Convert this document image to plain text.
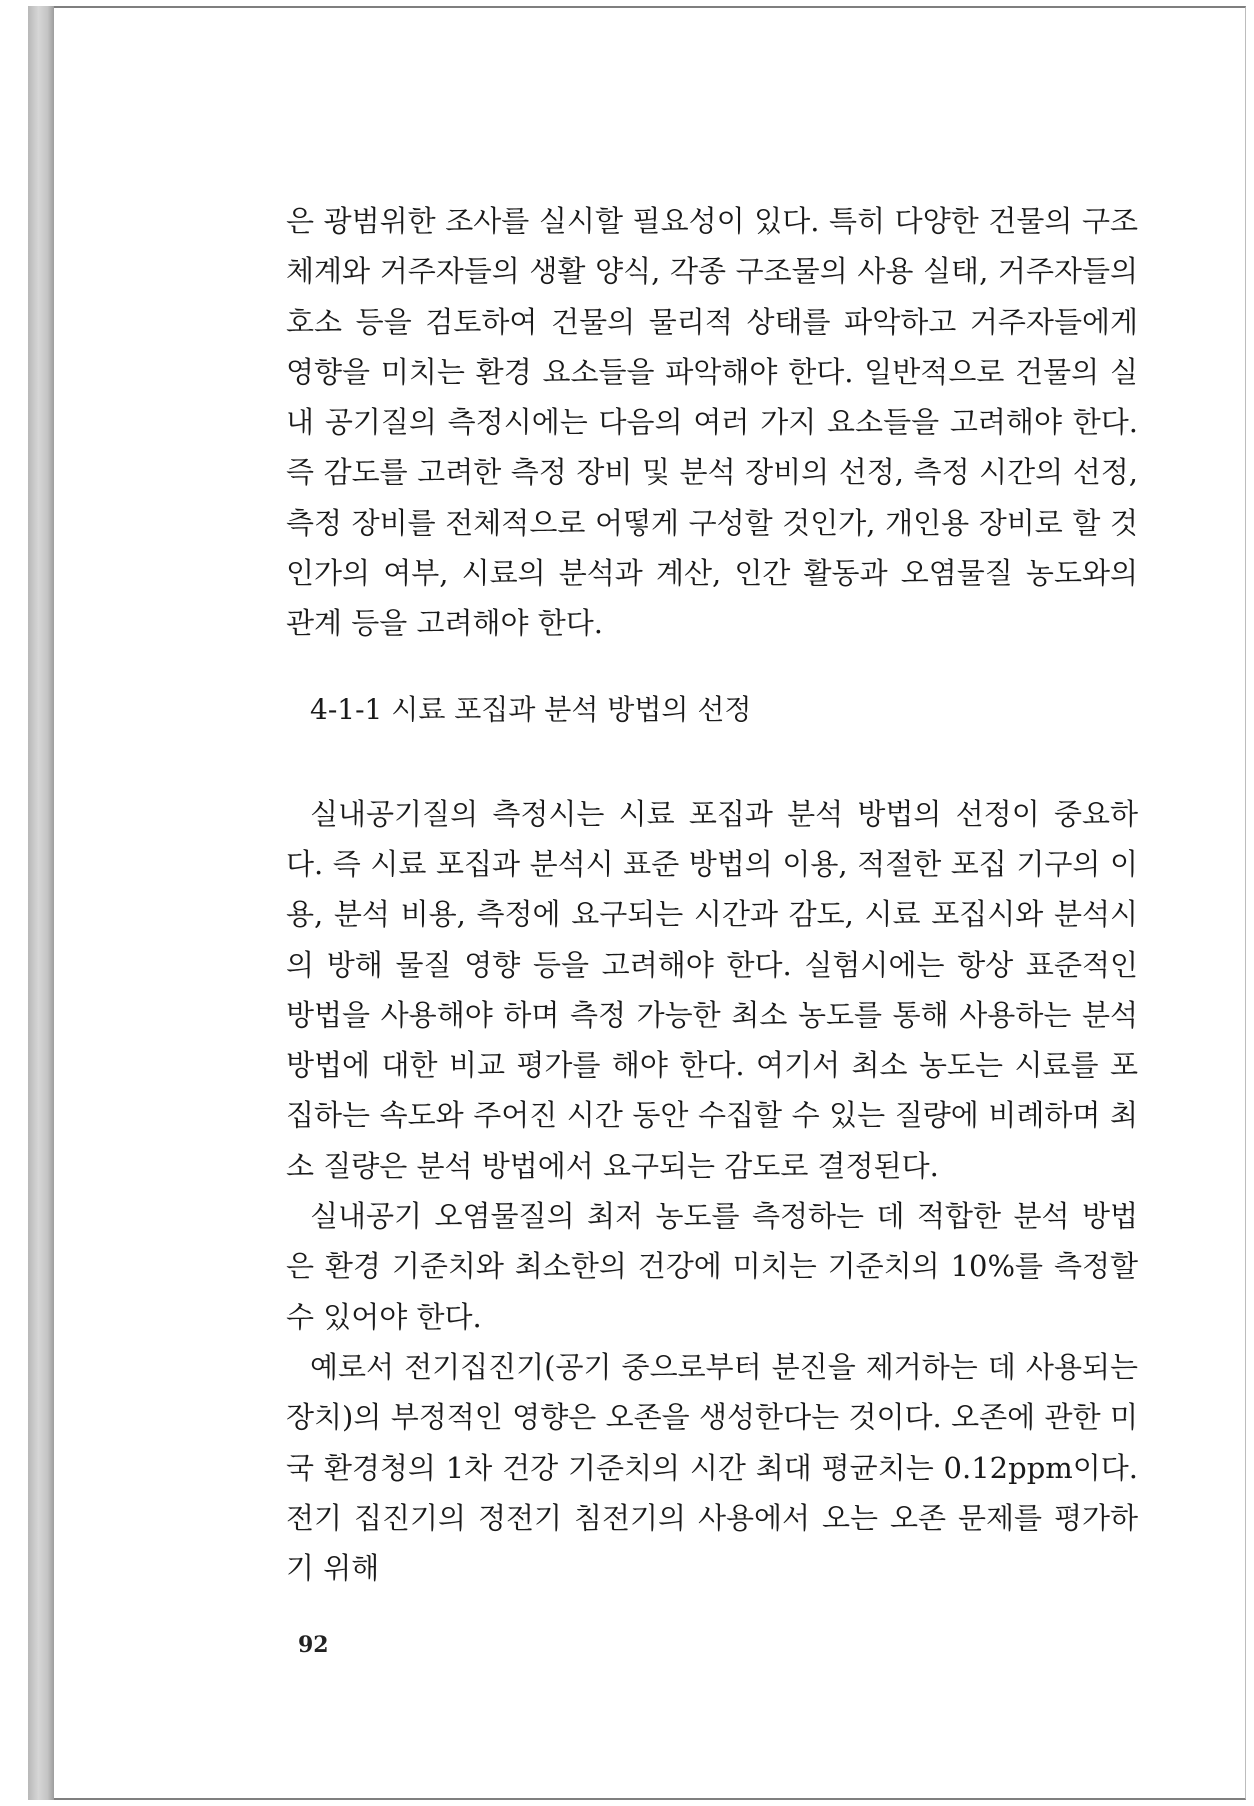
은 광범위한 조사를 실시할 필요성이 있다. 특히 다양한 건물의 구조 체계와 거주자들의 생활 양식, 각종 구조물의 사용 실태, 거주자들의 호소 등을 검토하여 건물의 물리적 상태를 파악하고 거주자들에게 영향을 미치는 환경 요소들을 파악해야 한다. 일반적으로 건물의 실내 공기질의 측정시에는 다음의 여러 가지 요소들을 고려해야 한다. 즉 감도를 고려한 측정 장비 및 분석 장비의 선정, 측정 시간의 선정, 측정 장비를 전체적으로 어떻게 구성할 것인가, 개인용 장비로 할 것인가의 여부, 시료의 분석과 계산, 인간 활동과 오염물질 농도와의 관계 등을 고려해야 한다.

4-1-1 시료 포집과 분석 방법의 선정

실내공기질의 측정시는 시료 포집과 분석 방법의 선정이 중요하다. 즉 시료 포집과 분석시 표준 방법의 이용, 적절한 포집 기구의 이용, 분석 비용, 측정에 요구되는 시간과 감도, 시료 포집시와 분석시의 방해 물질 영향 등을 고려해야 한다. 실험시에는 항상 표준적인 방법을 사용해야 하며 측정 가능한 최소 농도를 통해 사용하는 분석 방법에 대한 비교 평가를 해야 한다. 여기서 최소 농도는 시료를 포집하는 속도와 주어진 시간 동안 수집할 수 있는 질량에 비례하며 최소 질량은 분석 방법에서 요구되는 감도로 결정된다.

실내공기 오염물질의 최저 농도를 측정하는 데 적합한 분석 방법은 환경 기준치와 최소한의 건강에 미치는 기준치의 10%를 측정할 수 있어야 한다.

예로서 전기집진기(공기 중으로부터 분진을 제거하는 데 사용되는 장치)의 부정적인 영향은 오존을 생성한다는 것이다. 오존에 관한 미국 환경청의 1차 건강 기준치의 시간 최대 평균치는 0.12ppm이다. 전기 집진기의 정전기 침전기의 사용에서 오는 오존 문제를 평가하기 위해

92
